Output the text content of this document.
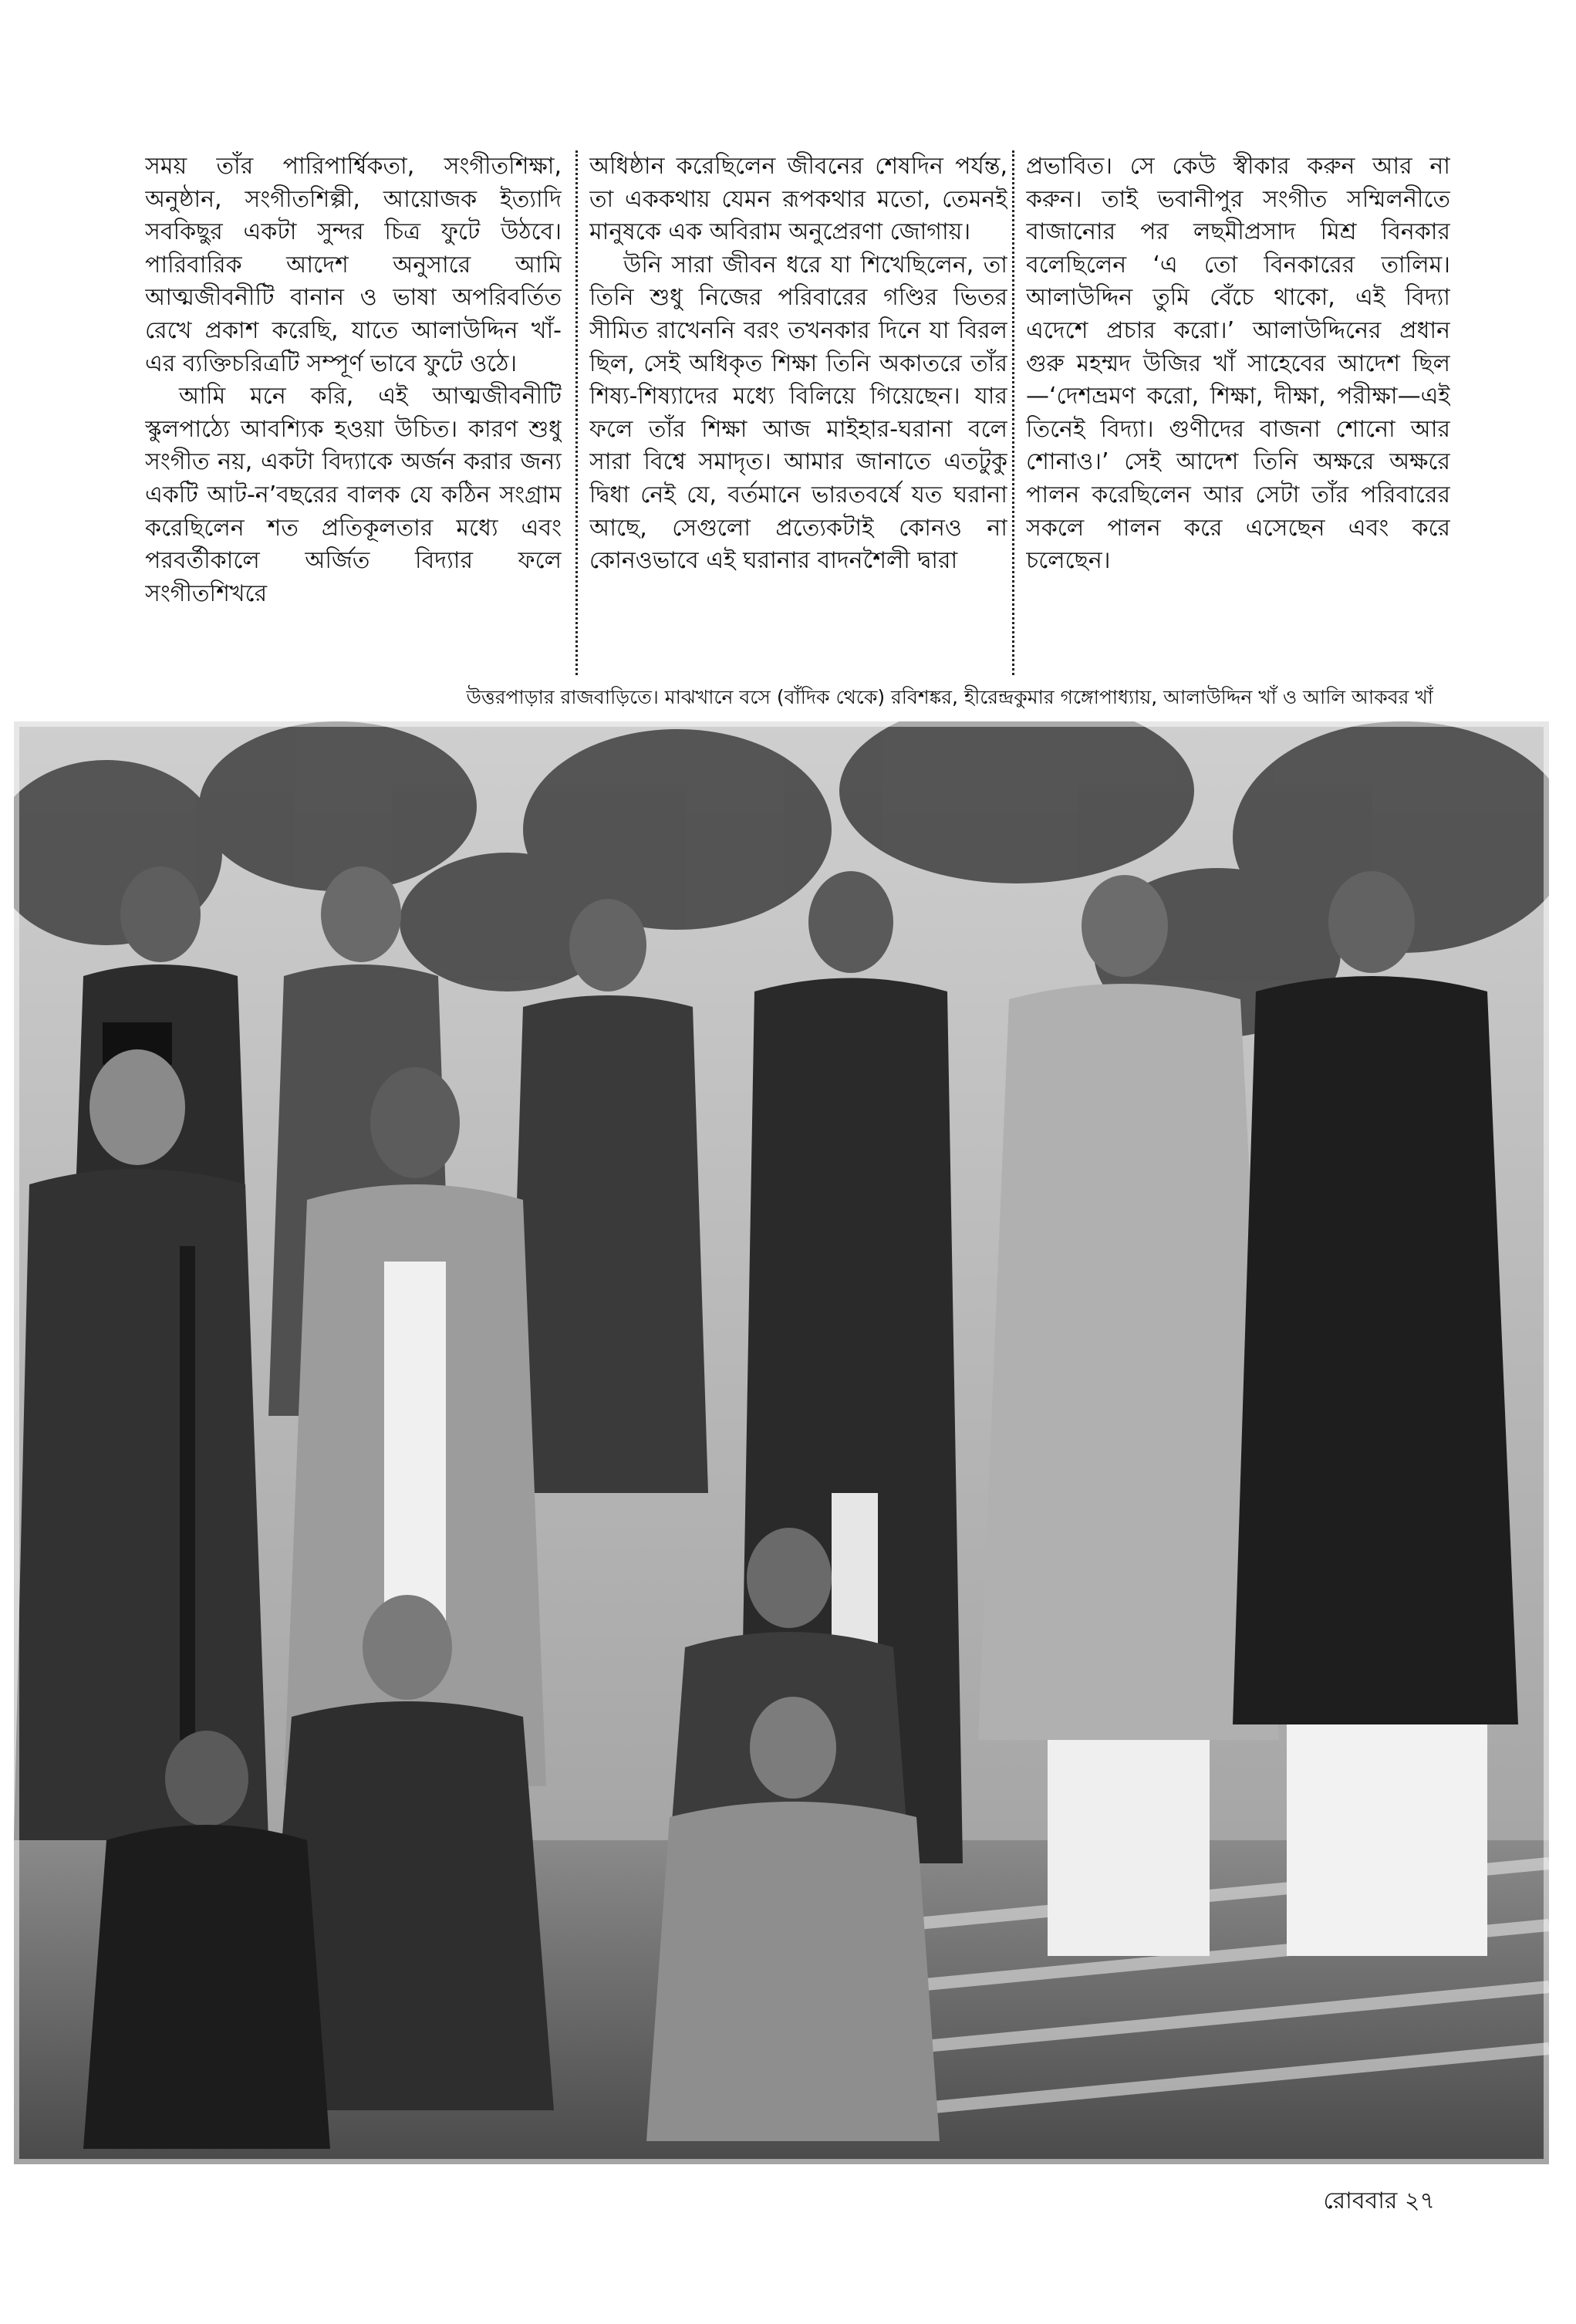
সময় তাঁর পারিপার্শ্বিকতা, সংগীতশিক্ষা, অনুষ্ঠান, সংগীতশিল্পী, আয়োজক ইত্যাদি সবকিছুর একটা সুন্দর চিত্র ফুটে উঠবে। পারিবারিক আদেশ অনুসারে আমি আত্মজীবনীটি বানান ও ভাষা অপরিবর্তিত রেখে প্রকাশ করেছি, যাতে আলাউদ্দিন খাঁ-এর ব্যক্তিচরিত্রটি সম্পূর্ণ ভাবে ফুটে ওঠে।

আমি মনে করি, এই আত্মজীবনীটি স্কুলপাঠ্যে আবশ্যিক হওয়া উচিত। কারণ শুধু সংগীত নয়, একটা বিদ্যাকে অর্জন করার জন্য একটি আট-ন’বছরের বালক যে কঠিন সংগ্রাম করেছিলেন শত প্রতিকূলতার মধ্যে এবং পরবর্তীকালে অর্জিত বিদ্যার ফলে সংগীতশিখরে

অধিষ্ঠান করেছিলেন জীবনের শেষদিন পর্যন্ত, তা এককথায় যেমন রূপকথার মতো, তেমনই মানুষকে এক অবিরাম অনুপ্রেরণা জোগায়।

উনি সারা জীবন ধরে যা শিখেছিলেন, তা তিনি শুধু নিজের পরিবারের গণ্ডির ভিতর সীমিত রাখেননি বরং তখনকার দিনে যা বিরল ছিল, সেই অধিকৃত শিক্ষা তিনি অকাতরে তাঁর শিষ্য-শিষ্যাদের মধ্যে বিলিয়ে গিয়েছেন। যার ফলে তাঁর শিক্ষা আজ মাইহার-ঘরানা বলে সারা বিশ্বে সমাদৃত। আমার জানাতে এতটুকু দ্বিধা নেই যে, বর্তমানে ভারতবর্ষে যত ঘরানা আছে, সেগুলো প্রত্যেকটাই কোনও না কোনওভাবে এই ঘরানার বাদনশৈলী দ্বারা

প্রভাবিত। সে কেউ স্বীকার করুন আর না করুন। তাই ভবানীপুর সংগীত সম্মিলনীতে বাজানোর পর লছমীপ্রসাদ মিশ্র বিনকার বলেছিলেন ‘এ তো বিনকারের তালিম। আলাউদ্দিন তুমি বেঁচে থাকো, এই বিদ্যা এদেশে প্রচার করো।’ আলাউদ্দিনের প্রধান গুরু মহম্মদ উজির খাঁ সাহেবের আদেশ ছিল—‘দেশভ্রমণ করো, শিক্ষা, দীক্ষা, পরীক্ষা—এই তিনেই বিদ্যা। গুণীদের বাজনা শোনো আর শোনাও।’ সেই আদেশ তিনি অক্ষরে অক্ষরে পালন করেছিলেন আর সেটা তাঁর পরিবারের সকলে পালন করে এসেছেন এবং করে চলেছেন।

উত্তরপাড়ার রাজবাড়িতে। মাঝখানে বসে (বাঁদিক থেকে) রবিশঙ্কর, হীরেন্দ্রকুমার গঙ্গোপাধ্যায়, আলাউদ্দিন খাঁ ও আলি আকবর খাঁ
রোববার ২৭
